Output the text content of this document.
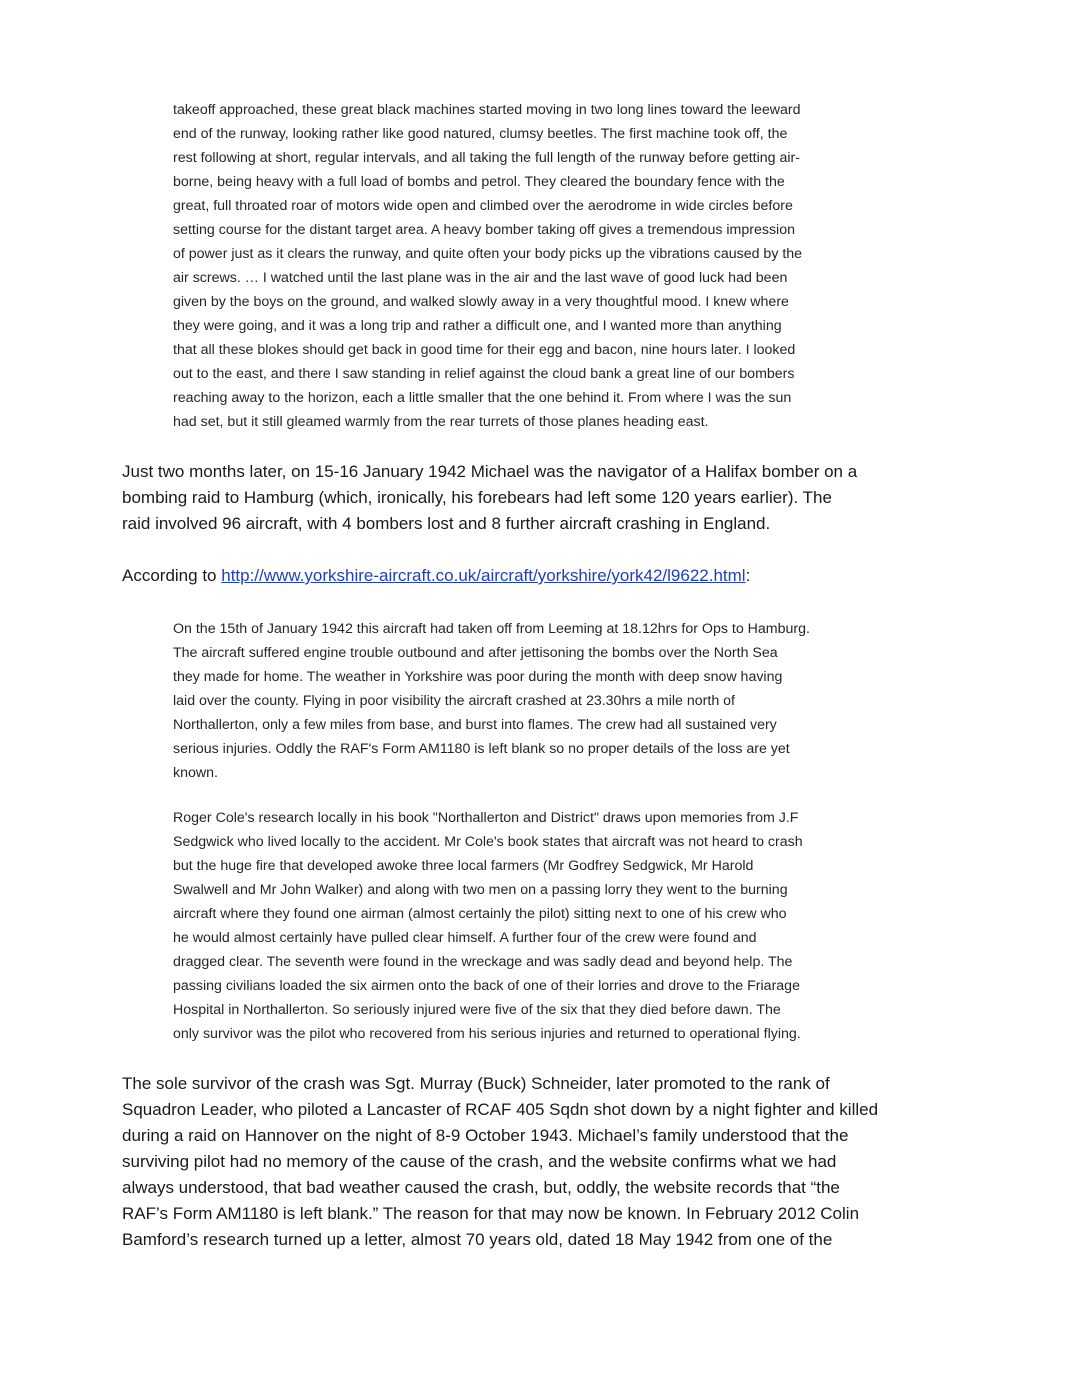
takeoff approached, these great black machines started moving in two long lines toward the leeward
end of the runway, looking rather like good natured, clumsy beetles. The first machine took off, the
rest following at short, regular intervals, and all taking the full length of the runway before getting air-
borne, being heavy with a full load of bombs and petrol. They cleared the boundary fence with the
great, full throated roar of motors wide open and climbed over the aerodrome in wide circles before
setting course for the distant target area. A heavy bomber taking off gives a tremendous impression
of power just as it clears the runway, and quite often your body picks up the vibrations caused by the
air screws. … I watched until the last plane was in the air and the last wave of good luck had been
given by the boys on the ground, and walked slowly away in a very thoughtful mood. I knew where
they were going, and it was a long trip and rather a difficult one, and I wanted more than anything
that all these blokes should get back in good time for their egg and bacon, nine hours later. I looked
out to the east, and there I saw standing in relief against the cloud bank a great line of our bombers
reaching away to the horizon, each a little smaller that the one behind it. From where I was the sun
had set, but it still gleamed warmly from the rear turrets of those planes heading east.
Just two months later, on 15-16 January 1942 Michael was the navigator of a Halifax bomber on a
bombing raid to Hamburg (which, ironically, his forebears had left some 120 years earlier). The
raid involved 96 aircraft, with 4 bombers lost and 8 further aircraft crashing in England.
According to http://www.yorkshire-aircraft.co.uk/aircraft/yorkshire/york42/l9622.html:
On the 15th of January 1942 this aircraft had taken off from Leeming at 18.12hrs for Ops to Hamburg.
The aircraft suffered engine trouble outbound and after jettisoning the bombs over the North Sea
they made for home. The weather in Yorkshire was poor during the month with deep snow having
laid over the county. Flying in poor visibility the aircraft crashed at 23.30hrs a mile north of
Northallerton, only a few miles from base, and burst into flames. The crew had all sustained very
serious injuries. Oddly the RAF's Form AM1180 is left blank so no proper details of the loss are yet
known.
Roger Cole's research locally in his book "Northallerton and District" draws upon memories from J.F
Sedgwick who lived locally to the accident. Mr Cole's book states that aircraft was not heard to crash
but the huge fire that developed awoke three local farmers (Mr Godfrey Sedgwick, Mr Harold
Swalwell and Mr John Walker) and along with two men on a passing lorry they went to the burning
aircraft where they found one airman (almost certainly the pilot) sitting next to one of his crew who
he would almost certainly have pulled clear himself. A further four of the crew were found and
dragged clear. The seventh were found in the wreckage and was sadly dead and beyond help. The
passing civilians loaded the six airmen onto the back of one of their lorries and drove to the Friarage
Hospital in Northallerton. So seriously injured were five of the six that they died before dawn. The
only survivor was the pilot who recovered from his serious injuries and returned to operational flying.
The sole survivor of the crash was Sgt. Murray (Buck) Schneider, later promoted to the rank of
Squadron Leader, who piloted a Lancaster of RCAF 405 Sqdn shot down by a night fighter and killed
during a raid on Hannover on the night of 8-9 October 1943. Michael’s family understood that the
surviving pilot had no memory of the cause of the crash, and the website confirms what we had
always understood, that bad weather caused the crash, but, oddly, the website records that “the
RAF’s Form AM1180 is left blank.” The reason for that may now be known. In February 2012 Colin
Bamford’s research turned up a letter, almost 70 years old, dated 18 May 1942 from one of the
